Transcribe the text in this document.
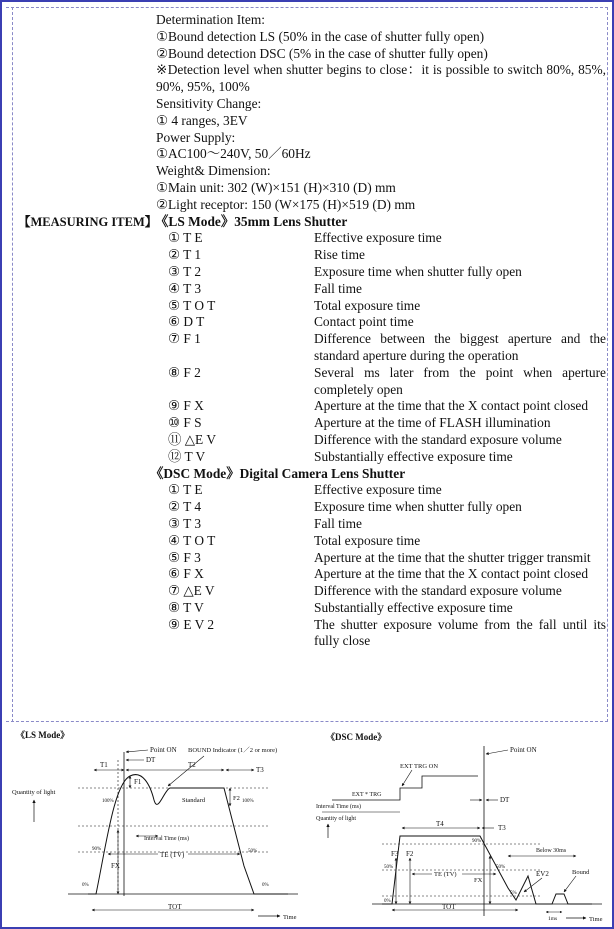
Determination Item:
①Bound detection LS (50% in the case of shutter fully open)
②Bound detection DSC (5% in the case of shutter fully open)
※Detection level when shutter begins to close：it is possible to switch 80%, 85%, 90%, 95%, 100%
Sensitivity Change:
① 4 ranges, 3EV
Power Supply:
①AC100～240V, 50／60Hz
Weight& Dimension:
①Main unit: 302 (W)×151 (H)×310 (D) mm
②Light receptor: 150 (W×175 (H)×519 (D) mm
【MEASURING ITEM】
《LS Mode》35mm Lens Shutter
① T E	Effective exposure time
② T 1	Rise time
③ T 2	Exposure time when shutter fully open
④ T 3	Fall time
⑤ T O T	Total exposure time
⑥ D T	Contact point time
⑦ F 1	Difference between the biggest aperture and the standard aperture during the operation
⑧ F 2	Several ms later from the point when aperture completely open
⑨ F X	Aperture at the time that the X contact point closed
⑩ F S	Aperture at the time of FLASH illumination
⑪ △E V	Difference with the standard exposure volume
⑫ T V	Substantially effective exposure time
《DSC Mode》Digital Camera Lens Shutter
① T E	Effective exposure time
② T 4	Exposure time when shutter fully open
③ T 3	Fall time
④ T O T	Total exposure time
⑤ F 3	Aperture at the time that the shutter trigger transmit
⑥ F X	Aperture at the time that the X contact point closed
⑦ △E V	Difference with the standard exposure volume
⑧ T V	Substantially effective exposure time
⑨ E V 2	The shutter exposure volume from the fall until its fully close
《LS Mode》
Point ON
DT
BOUND Indicator (1／2 or more)
T1	T2
T3
Quantity of light
100%	100%
90%	50%
0%	0%
F1
Standard	F2
Interval Time (ms)
TE (TV)
FX
TOT
Time
《DSC Mode》
Point ON
EXT TRG ON
EXT * TRG
DT
Interval Time (ms)
Quantity of light
T4	T3
Below 30ms
90%
50%	50%
5%
0%
F3 F2
TE (TV)
FX
EV2	Bound
TOT
1ms	Time
